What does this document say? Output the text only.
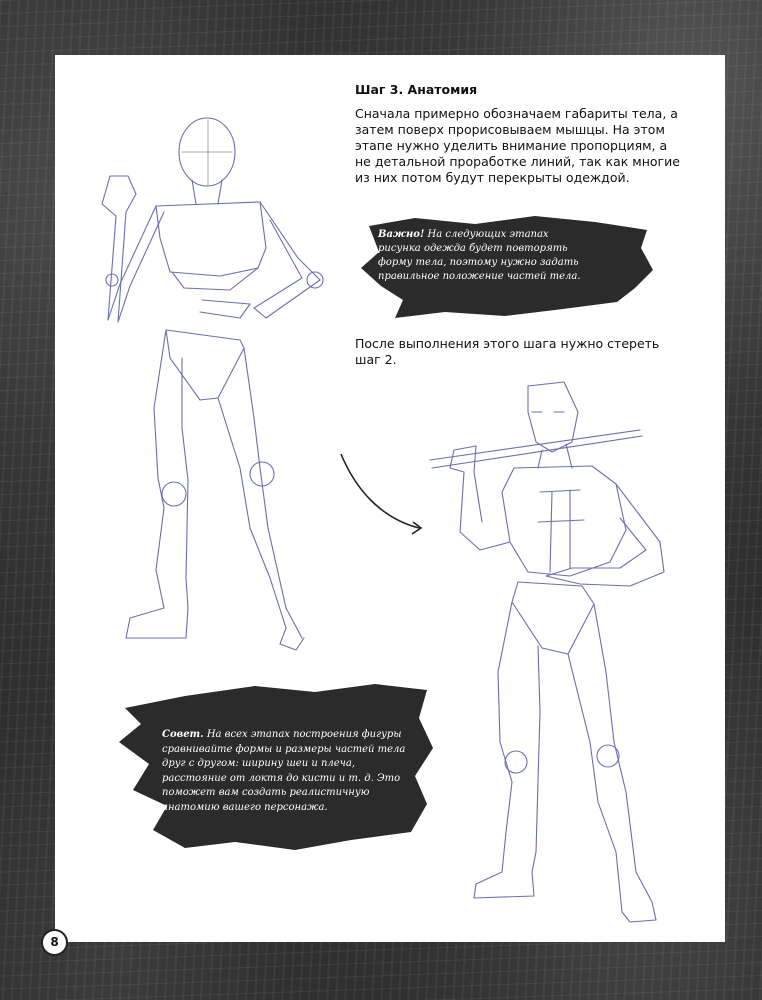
Шаг 3. Анатомия

Сначала примерно обозначаем габариты тела, а затем поверх прорисовываем мышцы. На этом этапе нужно уделить внимание пропорциям, а не детальной проработке линий, так как многие из них потом будут перекрыты одеждой.

Важно! На следующих этапах рисунка одежда будет повторять форму тела, поэтому нужно задать правильное положение частей тела.

После выполнения этого шага нужно стереть шаг 2.

Совет. На всех этапах построения фигуры сравнивайте формы и размеры частей тела друг с другом: ширину шеи и плеча, расстояние от локтя до кисти и т. д. Это поможет вам создать реалистичную анатомию вашего персонажа.

8
